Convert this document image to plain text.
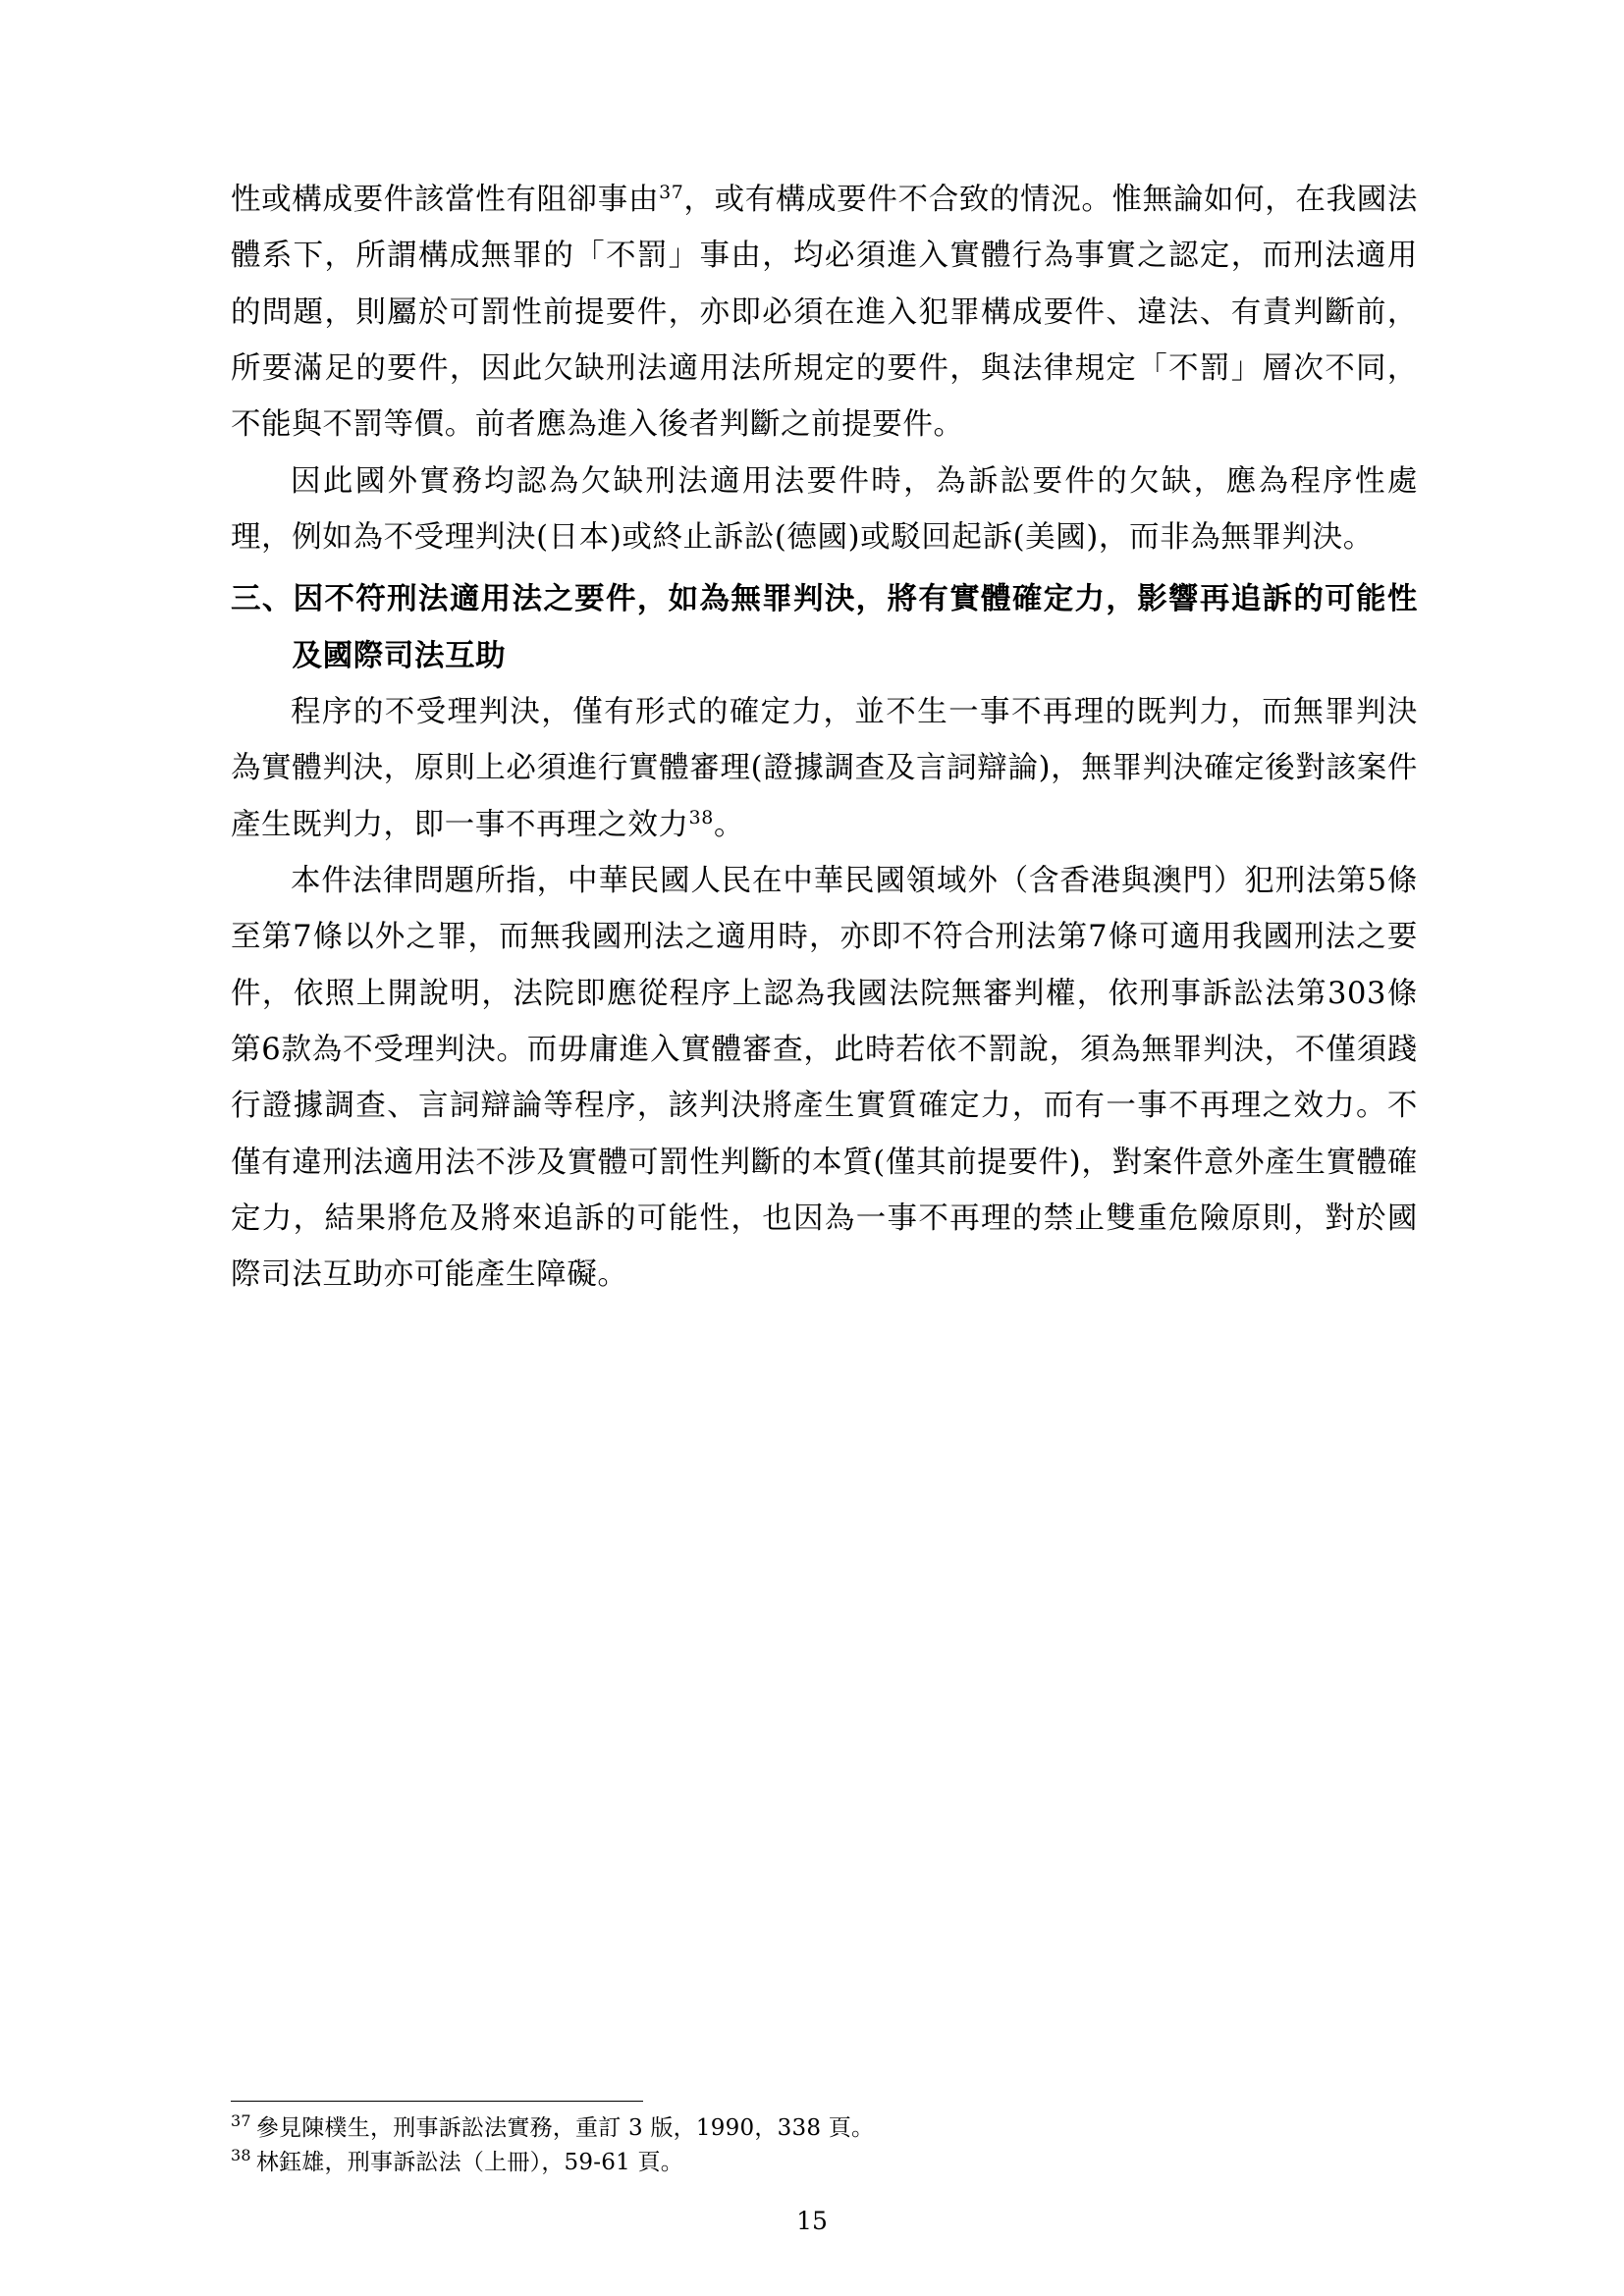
性或構成要件該當性有阻卻事由$^{37}$，或有構成要件不合致的情況。惟無論如何，在我國法體系下，所謂構成無罪的「不罰」事由，均必須進入實體行為事實之認定，而刑法適用的問題，則屬於可罰性前提要件，亦即必須在進入犯罪構成要件、違法、有責判斷前，所要滿足的要件，因此欠缺刑法適用法所規定的要件，與法律規定「不罰」層次不同，不能與不罰等價。前者應為進入後者判斷之前提要件。

因此國外實務均認為欠缺刑法適用法要件時，為訴訟要件的欠缺，應為程序性處理，例如為不受理判決(日本)或終止訴訟(德國)或駁回起訴(美國)，而非為無罪判決。

三、因不符刑法適用法之要件，如為無罪判決，將有實體確定力，影響再追訴的可能性及國際司法互助

程序的不受理判決，僅有形式的確定力，並不生一事不再理的既判力，而無罪判決為實體判決，原則上必須進行實體審理(證據調查及言詞辯論)，無罪判決確定後對該案件產生既判力，即一事不再理之效力$^{38}$。

本件法律問題所指，中華民國人民在中華民國領域外（含香港與澳門）犯刑法第5條至第7條以外之罪，而無我國刑法之適用時，亦即不符合刑法第7條可適用我國刑法之要件，依照上開說明，法院即應從程序上認為我國法院無審判權，依刑事訴訟法第303條第6款為不受理判決。而毋庸進入實體審查，此時若依不罰說，須為無罪判決，不僅須踐行證據調查、言詞辯論等程序，該判決將產生實質確定力，而有一事不再理之效力。不僅有違刑法適用法不涉及實體可罰性判斷的本質(僅其前提要件)，對案件意外產生實體確定力，結果將危及將來追訴的可能性，也因為一事不再理的禁止雙重危險原則，對於國際司法互助亦可能產生障礙。

$^{37}$ 參見陳樸生，刑事訴訟法實務，重訂 3 版，1990，338 頁。

$^{38}$ 林鈺雄，刑事訴訟法（上冊），59-61 頁。

15
